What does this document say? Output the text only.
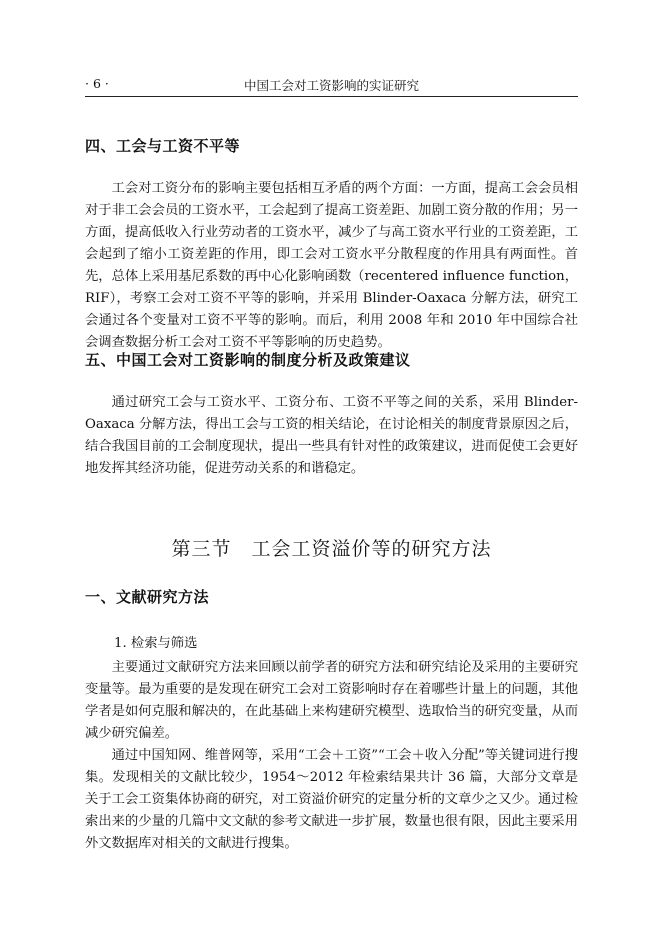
· 6 ·	中国工会对工资影响的实证研究
四、工会与工资不平等

工会对工资分布的影响主要包括相互矛盾的两个方面：一方面，提高工会会员相对于非工会会员的工资水平，工会起到了提高工资差距、加剧工资分散的作用；另一方面，提高低收入行业劳动者的工资水平，减少了与高工资水平行业的工资差距，工会起到了缩小工资差距的作用，即工会对工资水平分散程度的作用具有两面性。首先，总体上采用基尼系数的再中心化影响函数（recentered influence function，RIF），考察工会对工资不平等的影响，并采用 Blinder-Oaxaca 分解方法，研究工会通过各个变量对工资不平等的影响。而后，利用 2008 年和 2010 年中国综合社会调查数据分析工会对工资不平等影响的历史趋势。

五、中国工会对工资影响的制度分析及政策建议

通过研究工会与工资水平、工资分布、工资不平等之间的关系，采用 Blinder-Oaxaca 分解方法，得出工会与工资的相关结论，在讨论相关的制度背景原因之后，结合我国目前的工会制度现状，提出一些具有针对性的政策建议，进而促使工会更好地发挥其经济功能，促进劳动关系的和谐稳定。

第三节　工会工资溢价等的研究方法
一、文献研究方法
1. 检索与筛选

主要通过文献研究方法来回顾以前学者的研究方法和研究结论及采用的主要研究变量等。最为重要的是发现在研究工会对工资影响时存在着哪些计量上的问题，其他学者是如何克服和解决的，在此基础上来构建研究模型、选取恰当的研究变量，从而减少研究偏差。

通过中国知网、维普网等，采用“工会＋工资”“工会＋收入分配”等关键词进行搜集。发现相关的文献比较少，1954～2012 年检索结果共计 36 篇，大部分文章是关于工会工资集体协商的研究，对工资溢价研究的定量分析的文章少之又少。通过检索出来的少量的几篇中文文献的参考文献进一步扩展，数量也很有限，因此主要采用外文数据库对相关的文献进行搜集。
